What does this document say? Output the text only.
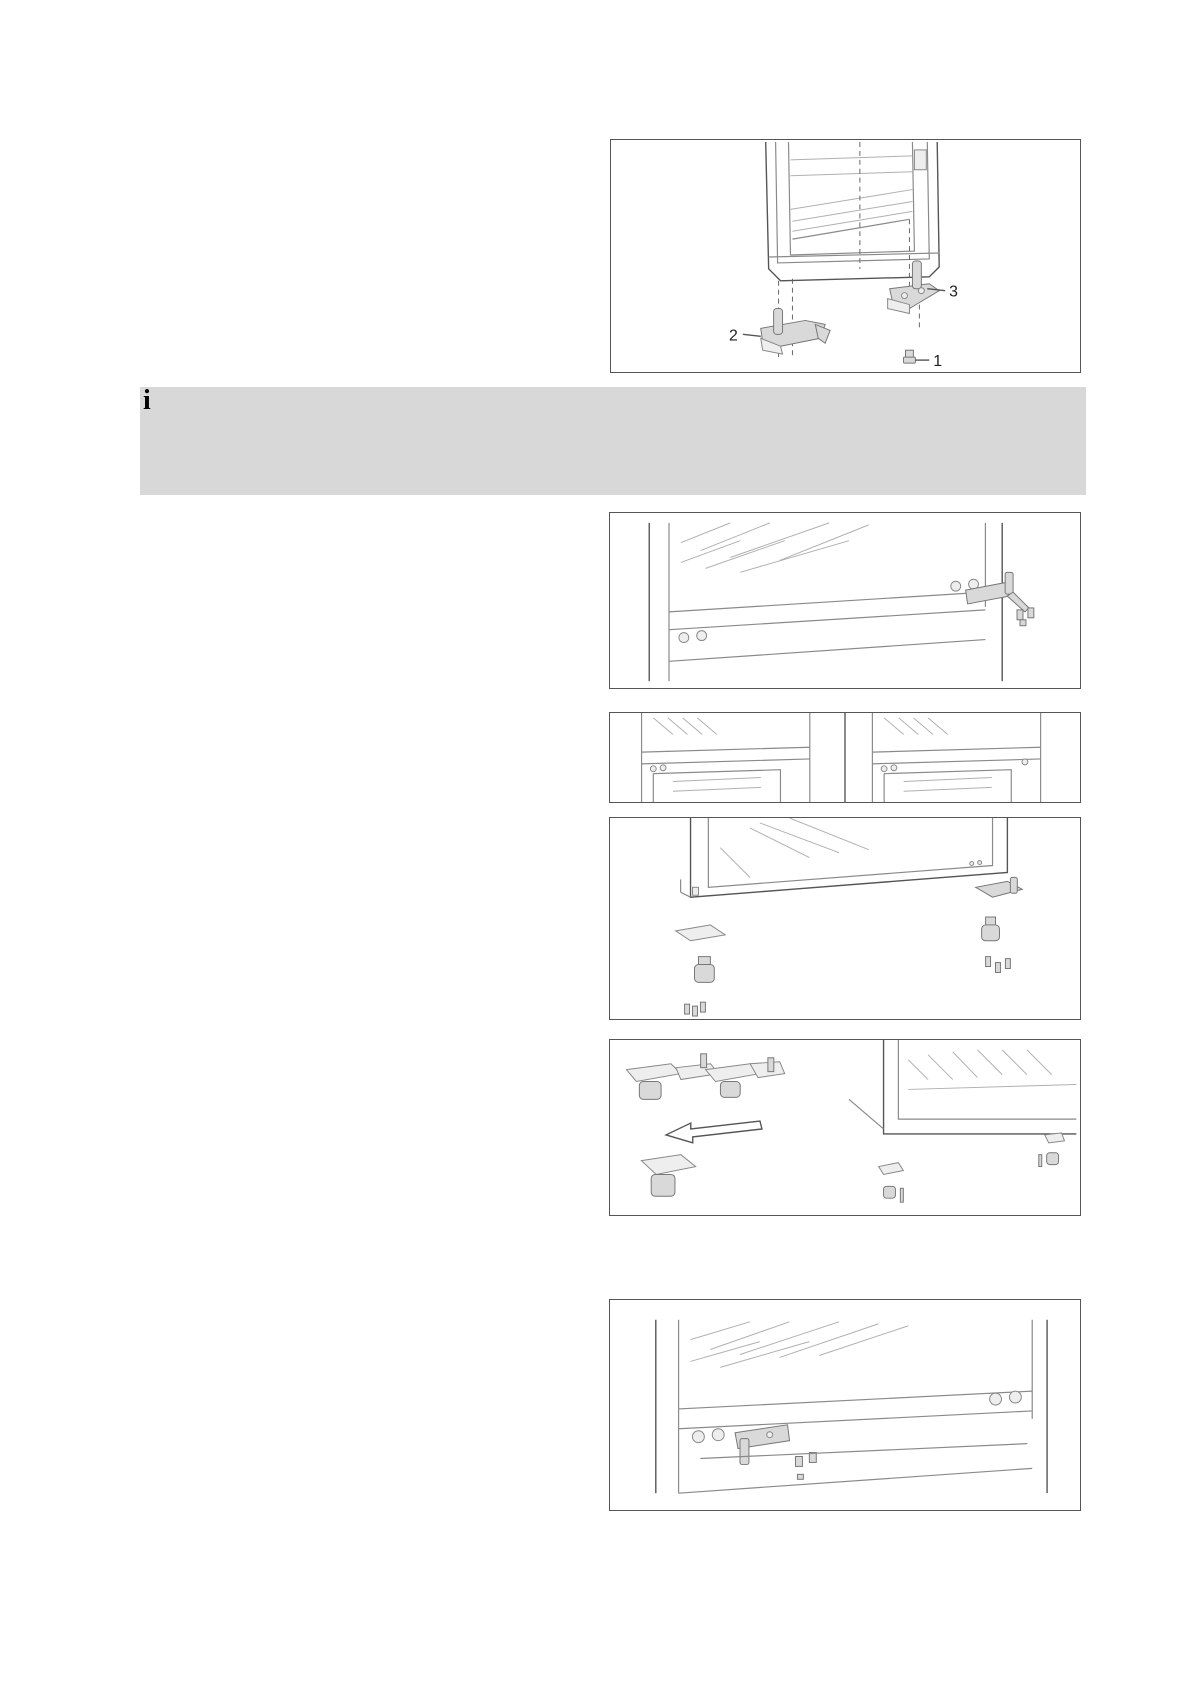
3
2
1
i
